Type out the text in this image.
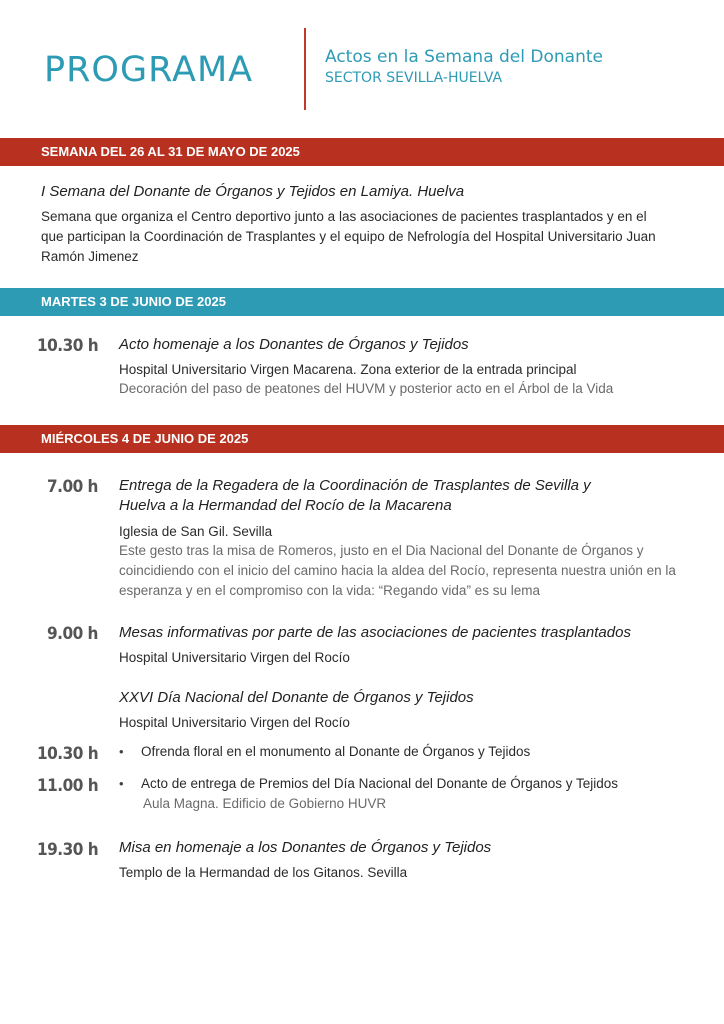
PROGRAMA	Actos en la Semana del Donante
SECTOR SEVILLA-HUELVA
SEMANA DEL 26 AL 31 DE MAYO DE 2025
I Semana del Donante de Órganos y Tejidos en Lamiya. Huelva
Semana que organiza el Centro deportivo junto a las asociaciones de pacientes trasplantados y en el que participan la Coordinación de Trasplantes y el equipo de Nefrología del Hospital Universitario Juan Ramón Jimenez
MARTES 3 DE JUNIO DE 2025
10.30 h Acto homenaje a los Donantes de Órganos y Tejidos
Hospital Universitario Virgen Macarena. Zona exterior de la entrada principal
Decoración del paso de peatones del HUVM y posterior acto en el Árbol de la Vida
MIÉRCOLES 4 DE JUNIO DE 2025
7.00 h Entrega de la Regadera de la Coordinación de Trasplantes de Sevilla y
Huelva a la Hermandad del Rocío de la Macarena
Iglesia de San Gil. Sevilla
Este gesto tras la misa de Romeros, justo en el Dia Nacional del Donante de Órganos y coincidiendo con el inicio del camino hacia la aldea del Rocío, representa nuestra unión en la esperanza y en el compromiso con la vida: “Regando vida” es su lema
9.00 h Mesas informativas por parte de las asociaciones de pacientes trasplantados
Hospital Universitario Virgen del Rocío
XXVI Día Nacional del Donante de Órganos y Tejidos
Hospital Universitario Virgen del Rocío
10.30 h • Ofrenda floral en el monumento al Donante de Órganos y Tejidos
11.00 h • Acto de entrega de Premios del Día Nacional del Donante de Órganos y Tejidos
Aula Magna. Edificio de Gobierno HUVR
19.30 h Misa en homenaje a los Donantes de Órganos y Tejidos
Templo de la Hermandad de los Gitanos. Sevilla
